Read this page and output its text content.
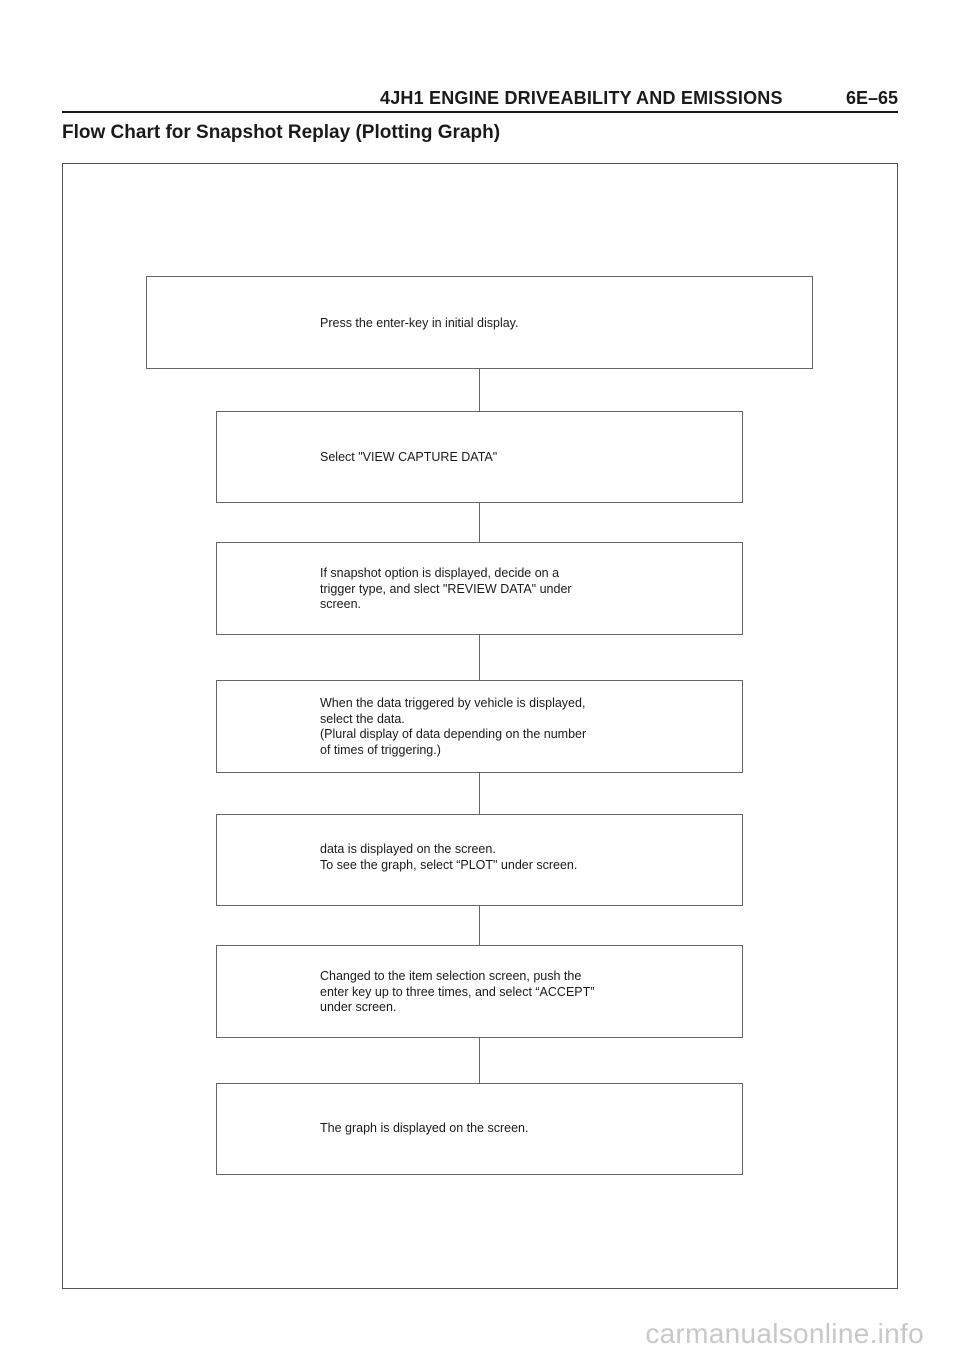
4JH1 ENGINE DRIVEABILITY AND EMISSIONS	6E–65
Flow Chart for Snapshot Replay (Plotting Graph)
Press the enter-key in initial display.
Select "VIEW CAPTURE DATA"
If snapshot option is displayed, decide on a
trigger type, and slect "REVIEW DATA" under
screen.
When the data triggered by vehicle is displayed,
select the data.
(Plural display of data depending on the number
of times of triggering.)
data is displayed on the screen.
To see the graph, select “PLOT" under screen.
Changed to the item selection screen, push the
enter key up to three times, and select “ACCEPT”
under screen.
The graph is displayed on the screen.
carmanualsonline.info
